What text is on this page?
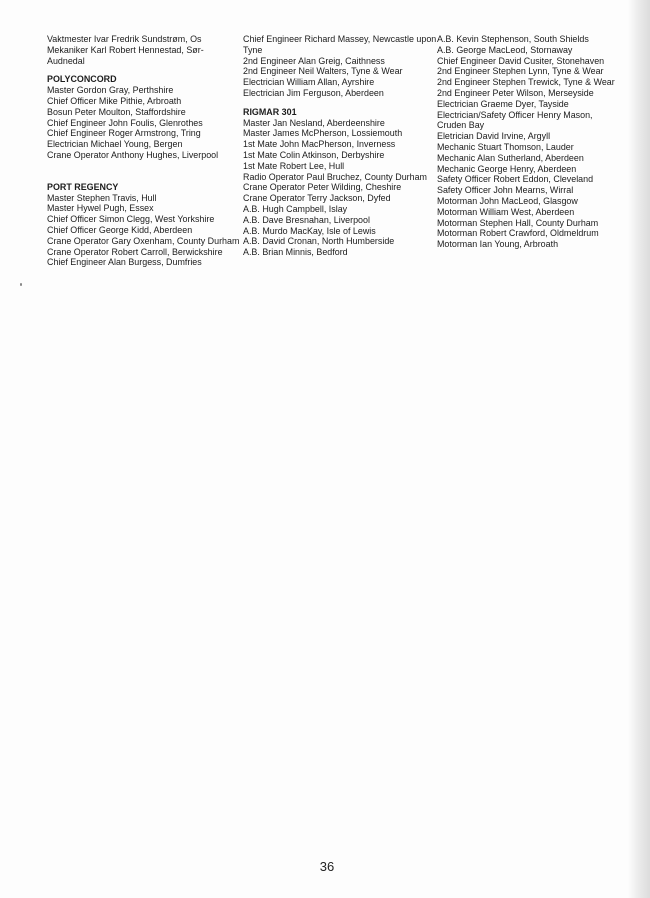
Vaktmester Ivar Fredrik Sundstrøm, Os
Mekaniker Karl Robert Hennestad, Sør-
Audnedal
POLYCONCORD
Master Gordon Gray, Perthshire
Chief Officer Mike Pithie, Arbroath
Bosun Peter Moulton, Staffordshire
Chief Engineer John Foulis, Glenrothes
Chief Engineer Roger Armstrong, Tring
Electrician Michael Young, Bergen
Crane Operator Anthony Hughes, Liverpool
PORT REGENCY
Master Stephen Travis, Hull
Master Hywel Pugh, Essex
Chief Officer Simon Clegg, West Yorkshire
Chief Officer George Kidd, Aberdeen
Crane Operator Gary Oxenham, County Durham
Crane Operator Robert Carroll, Berwickshire
Chief Engineer Alan Burgess, Dumfries
Chief Engineer Richard Massey, Newcastle upon
Tyne
2nd Engineer Alan Greig, Caithness
2nd Engineer Neil Walters, Tyne & Wear
Electrician William Allan, Ayrshire
Electrician Jim Ferguson, Aberdeen
RIGMAR 301
Master Jan Nesland, Aberdeenshire
Master James McPherson, Lossiemouth
1st Mate John MacPherson, Inverness
1st Mate Colin Atkinson, Derbyshire
1st Mate Robert Lee, Hull
Radio Operator Paul Bruchez, County Durham
Crane Operator Peter Wilding, Cheshire
Crane Operator Terry Jackson, Dyfed
A.B. Hugh Campbell, Islay
A.B. Dave Bresnahan, Liverpool
A.B. Murdo MacKay, Isle of Lewis
A.B. David Cronan, North Humberside
A.B. Brian Minnis, Bedford
A.B. Kevin Stephenson, South Shields
A.B. George MacLeod, Stornaway
Chief Engineer David Cusiter, Stonehaven
2nd Engineer Stephen Lynn, Tyne & Wear
2nd Engineer Stephen Trewick, Tyne & Wear
2nd Engineer Peter Wilson, Merseyside
Electrician Graeme Dyer, Tayside
Electrician/Safety Officer Henry Mason,
Cruden Bay
Eletrician David Irvine, Argyll
Mechanic Stuart Thomson, Lauder
Mechanic Alan Sutherland, Aberdeen
Mechanic George Henry, Aberdeen
Safety Officer Robert Eddon, Cleveland
Safety Officer John Mearns, Wirral
Motorman John MacLeod, Glasgow
Motorman William West, Aberdeen
Motorman Stephen Hall, County Durham
Motorman Robert Crawford, Oldmeldrum
Motorman Ian Young, Arbroath
36
